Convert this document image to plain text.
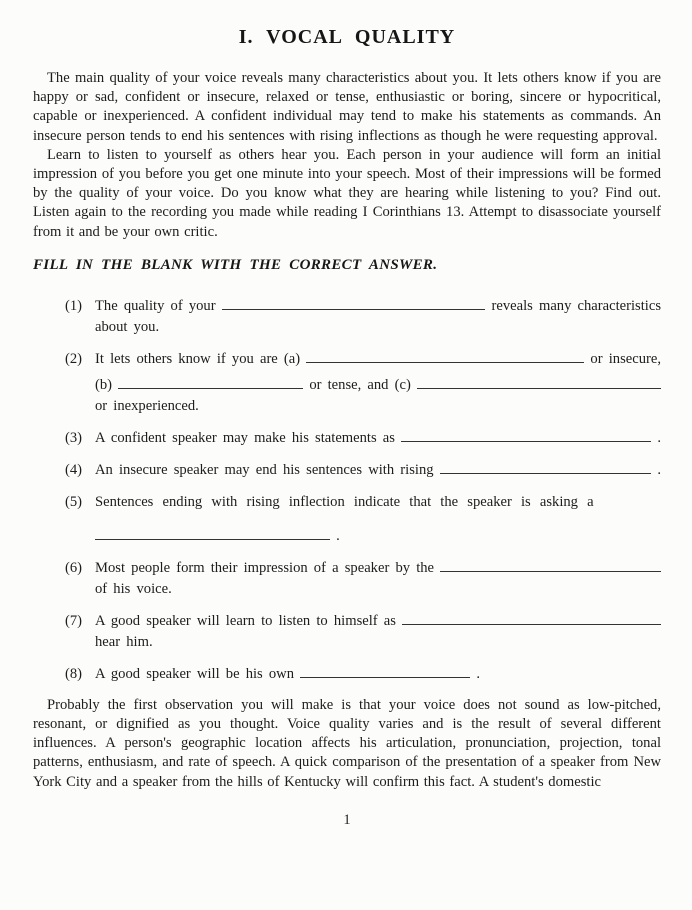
I. VOCAL QUALITY

The main quality of your voice reveals many characteristics about you. It lets others know if you are happy or sad, confident or insecure, relaxed or tense, enthusiastic or boring, sincere or hypocritical, capable or inexperienced. A confident individual may tend to make his statements as commands. An insecure person tends to end his sentences with rising inflections as though he were requesting approval.

Learn to listen to yourself as others hear you. Each person in your audience will form an initial impression of you before you get one minute into your speech. Most of their impressions will be formed by the quality of your voice. Do you know what they are hearing while listening to you? Find out. Listen again to the recording you made while reading I Corinthians 13. Attempt to disassociate yourself from it and be your own critic.

FILL IN THE BLANK WITH THE CORRECT ANSWER.
(1) The quality of your	reveals many characteristics
about you.
(2) It lets others know if you are (a)	or insecure,
(b)	or tense, and (c)
or inexperienced.
(3) A confident speaker may make his statements as	.
(4) An insecure speaker may end his sentences with rising	.
(5) Sentences ending with rising inflection indicate that the speaker is asking a
.
(6) Most people form their impression of a speaker by the
of his voice.
(7) A good speaker will learn to listen to himself as
hear him.
(8) A good speaker will be his own	.

Probably the first observation you will make is that your voice does not sound as low-pitched, resonant, or dignified as you thought. Voice quality varies and is the result of several different influences. A person's geographic location affects his articulation, pronunciation, projection, tonal patterns, enthusiasm, and rate of speech. A quick comparison of the presentation of a speaker from New York City and a speaker from the hills of Kentucky will confirm this fact. A student's domestic

1
